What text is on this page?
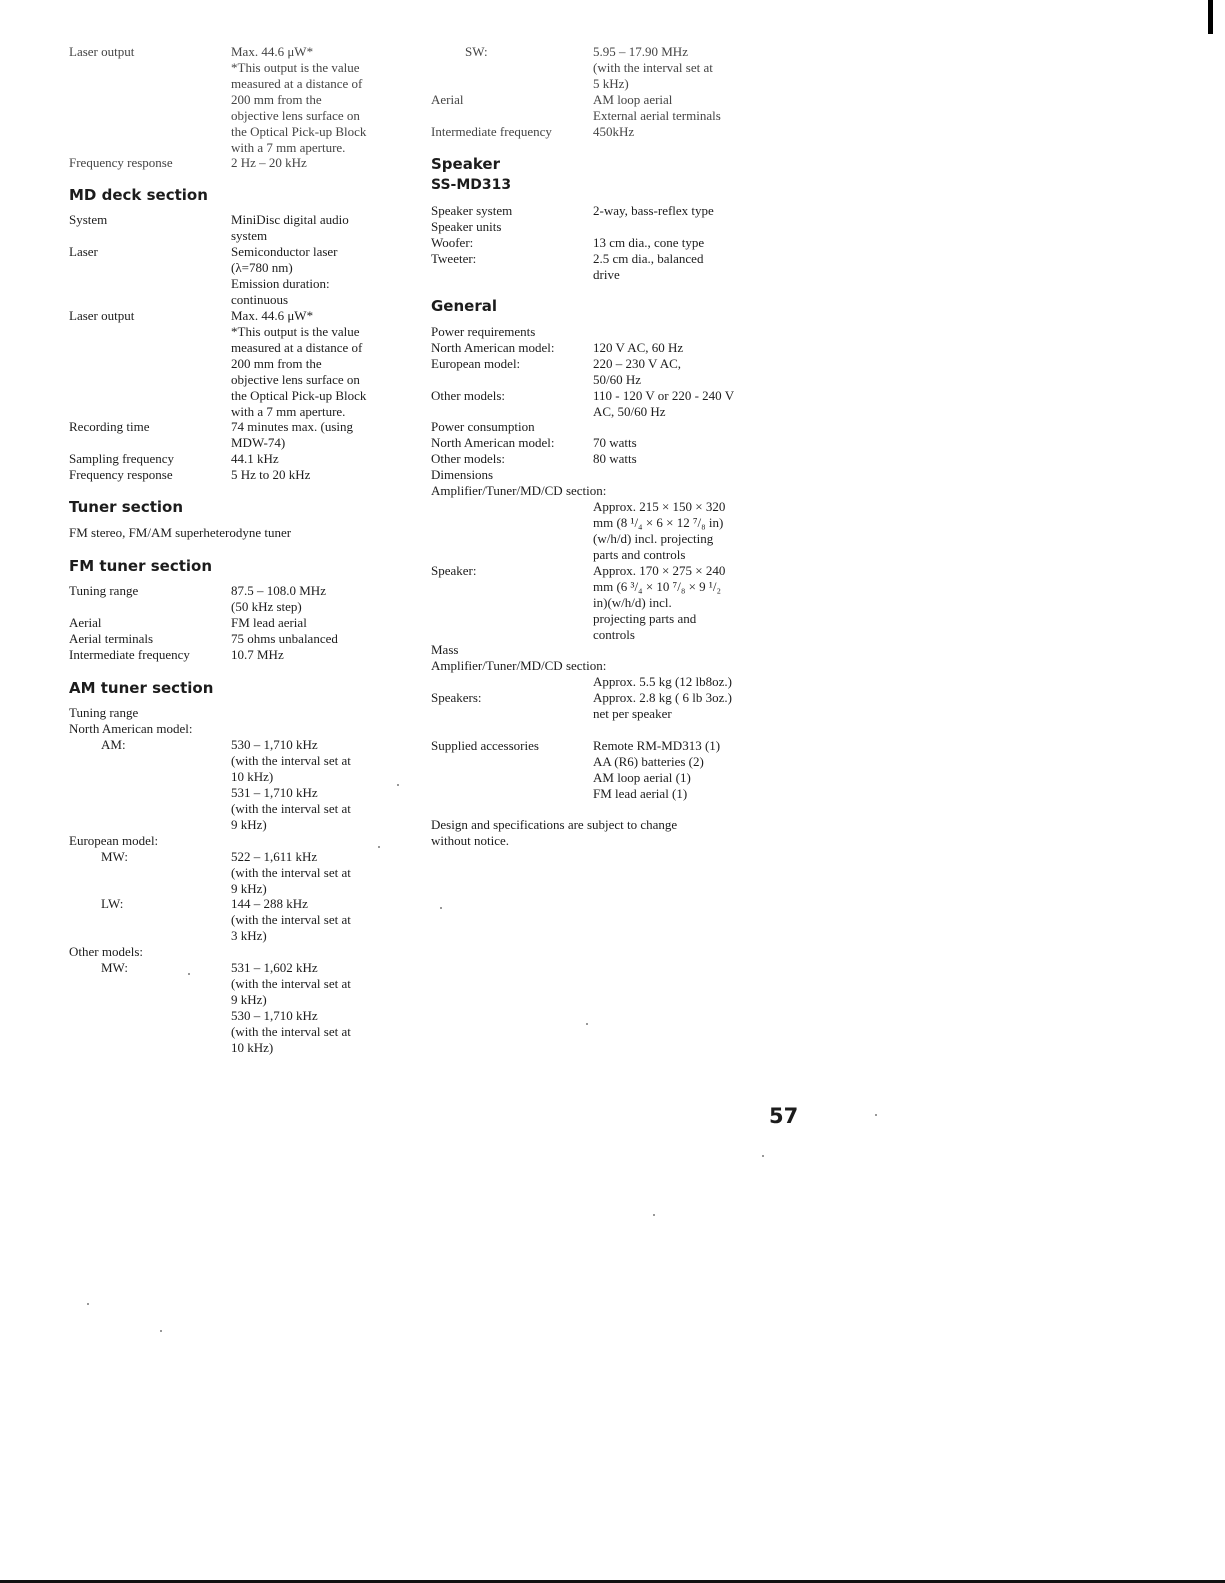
Laser output	Max. 44.6 μW*
*This output is the value
measured at a distance of
200 mm from the
objective lens surface on
the Optical Pick-up Block
with a 7 mm aperture.
Frequency response	2 Hz – 20 kHz
MD deck section
System	MiniDisc digital audio
system
Laser	Semiconductor laser
(λ=780 nm)
Emission duration:
continuous
Laser output	Max. 44.6 μW*
*This output is the value
measured at a distance of
200 mm from the
objective lens surface on
the Optical Pick-up Block
with a 7 mm aperture.
Recording time	74 minutes max. (using
MDW-74)
Sampling frequency	44.1 kHz
Frequency response	5 Hz to 20 kHz
Tuner section
FM stereo, FM/AM superheterodyne tuner
FM tuner section
Tuning range	87.5 – 108.0 MHz
(50 kHz step)
Aerial	FM lead aerial
Aerial terminals	75 ohms unbalanced
Intermediate frequency	10.7 MHz
AM tuner section
Tuning range
North American model:
AM:	530 – 1,710 kHz
(with the interval set at
10 kHz)
531 – 1,710 kHz
(with the interval set at
9 kHz)
European model:
MW:	522 – 1,611 kHz
(with the interval set at
9 kHz)
LW:	144 – 288 kHz
(with the interval set at
3 kHz)
Other models:
MW:	531 – 1,602 kHz
(with the interval set at
9 kHz)
530 – 1,710 kHz
(with the interval set at
10 kHz)
SW:	5.95 – 17.90 MHz
(with the interval set at
5 kHz)
Aerial	AM loop aerial
External aerial terminals
Intermediate frequency	450kHz
Speaker
SS-MD313
Speaker system	2-way, bass-reflex type
Speaker units
Woofer:	13 cm dia., cone type
Tweeter:	2.5 cm dia., balanced
drive
General
Power requirements
North American model:	120 V AC, 60 Hz
European model:	220 – 230 V AC,
50/60 Hz
Other models:	110 - 120 V or 220 - 240 V
AC, 50/60 Hz
Power consumption
North American model:	70 watts
Other models:	80 watts
Dimensions
Amplifier/Tuner/MD/CD section:
Approx. 215 × 150 × 320
mm (8 ¹/₄ × 6 × 12 ⁷/₈ in)
(w/h/d) incl. projecting
parts and controls
Speaker:	Approx. 170 × 275 × 240
mm (6 ³/₄ × 10 ⁷/₈ × 9 ¹/₂
in)(w/h/d) incl.
projecting parts and
controls
Mass
Amplifier/Tuner/MD/CD section:
Approx. 5.5 kg (12 lb8oz.)
Speakers:	Approx. 2.8 kg ( 6 lb 3oz.)
net per speaker
Supplied accessories	Remote RM-MD313 (1)
AA (R6) batteries (2)
AM loop aerial (1)
FM lead aerial (1)
Design and specifications are subject to change
without notice.
57
